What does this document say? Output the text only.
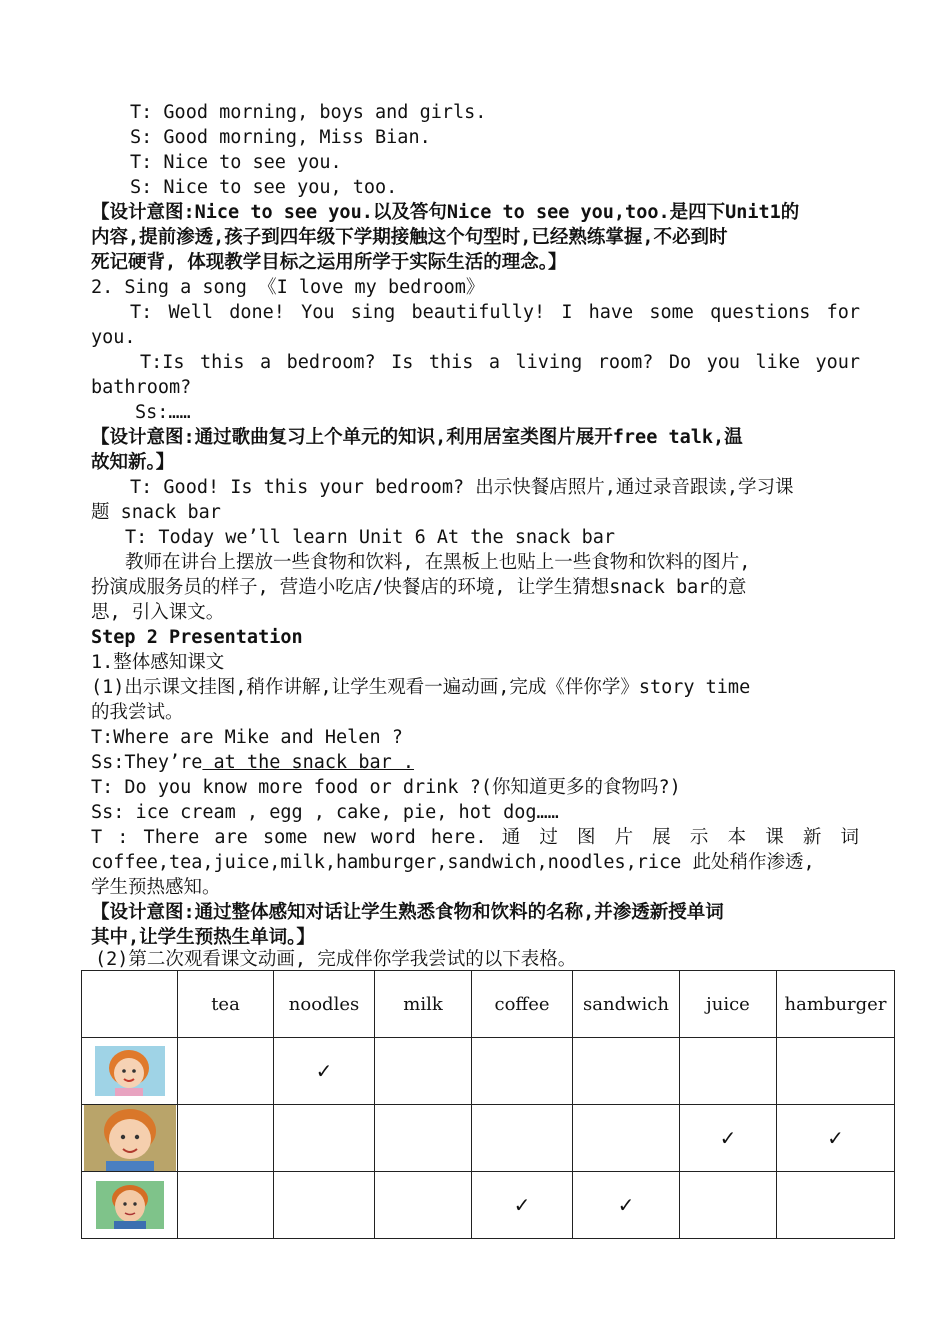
T: Good morning, boys and girls.
S: Good morning, Miss Bian.
T: Nice to see you.
S: Nice to see you, too.
【设计意图:Nice to see you.以及答句Nice to see you,too.是四下Unit1的
内容,提前渗透,孩子到四年级下学期接触这个句型时,已经熟练掌握,不必到时
死记硬背, 体现教学目标之运用所学于实际生活的理念。】
2. Sing a song 《I love my bedroom》
T: Well done! You sing beautifully! I have some questions for
you.
T:Is this a bedroom? Is this a living room? Do you like your
bathroom?
Ss:……
【设计意图:通过歌曲复习上个单元的知识,利用居室类图片展开free talk,温
故知新。】
T: Good! Is this your bedroom? 出示快餐店照片,通过录音跟读,学习课
题 snack bar
T: Today we’ll learn Unit 6 At the snack bar
教师在讲台上摆放一些食物和饮料, 在黑板上也贴上一些食物和饮料的图片,
扮演成服务员的样子, 营造小吃店/快餐店的环境, 让学生猜想snack bar的意
思, 引入课文。
Step 2 Presentation
1.整体感知课文
(1)出示课文挂图,稍作讲解,让学生观看一遍动画,完成《伴你学》story time
的我尝试。
T:Where are Mike and Helen ?
Ss:They’re at the snack bar .
T: Do you know more food or drink ?(你知道更多的食物吗?)
Ss: ice cream , egg , cake, pie, hot dog……
T : There are some new word here. 通 过 图 片 展 示 本 课 新 词
coffee,tea,juice,milk,hamburger,sandwich,noodles,rice 此处稍作渗透,
学生预热感知。
【设计意图:通过整体感知对话让学生熟悉食物和饮料的名称,并渗透新授单词
其中,让学生预热生单词。】
(2)第二次观看课文动画, 完成伴你学我尝试的以下表格。
	tea	noodles	milk	coffee	sandwich	juice	hamburger

		✓					

						✓	✓

				✓	✓		
